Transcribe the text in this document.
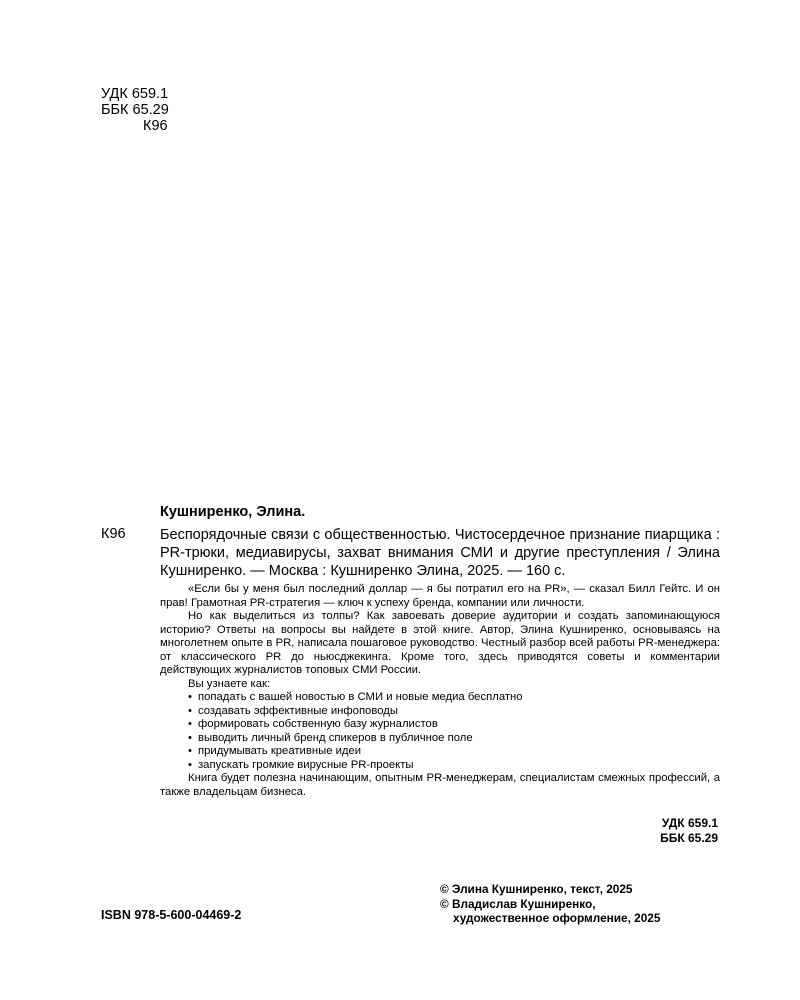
УДК 659.1
ББК 65.29
К96
Кушниренко, Элина.
К96 Беспорядочные связи с общественностью. Чистосердечное признание пиарщика : PR-трюки, медиавирусы, захват внимания СМИ и другие преступления / Элина Кушниренко. — Москва : Кушниренко Элина, 2025. — 160 с.

«Если бы у меня был последний доллар — я бы потратил его на PR», — сказал Билл Гейтс. И он прав! Грамотная PR-стратегия — ключ к успеху бренда, компании или личности.

Но как выделиться из толпы? Как завоевать доверие аудитории и создать запоминающуюся историю? Ответы на вопросы вы найдете в этой книге. Автор, Элина Кушниренко, основываясь на многолетнем опыте в PR, написала пошаговое руководство. Честный разбор всей работы PR-менеджера: от классического PR до ньюсджекинга. Кроме того, здесь приводятся советы и комментарии действующих журналистов топовых СМИ России.

Вы узнаете как:

• попадать с вашей новостью в СМИ и новые медиа бесплатно
• создавать эффективные инфоповоды
• формировать собственную базу журналистов
• выводить личный бренд спикеров в публичное поле
• придумывать креативные идеи
• запускать громкие вирусные PR-проекты

Книга будет полезна начинающим, опытным PR-менеджерам, специалистам смежных профессий, а также владельцам бизнеса.

УДК 659.1
ББК 65.29
© Элина Кушниренко, текст, 2025
© Владислав Кушниренко,
художественное оформление, 2025
ISBN 978-5-600-04469-2
